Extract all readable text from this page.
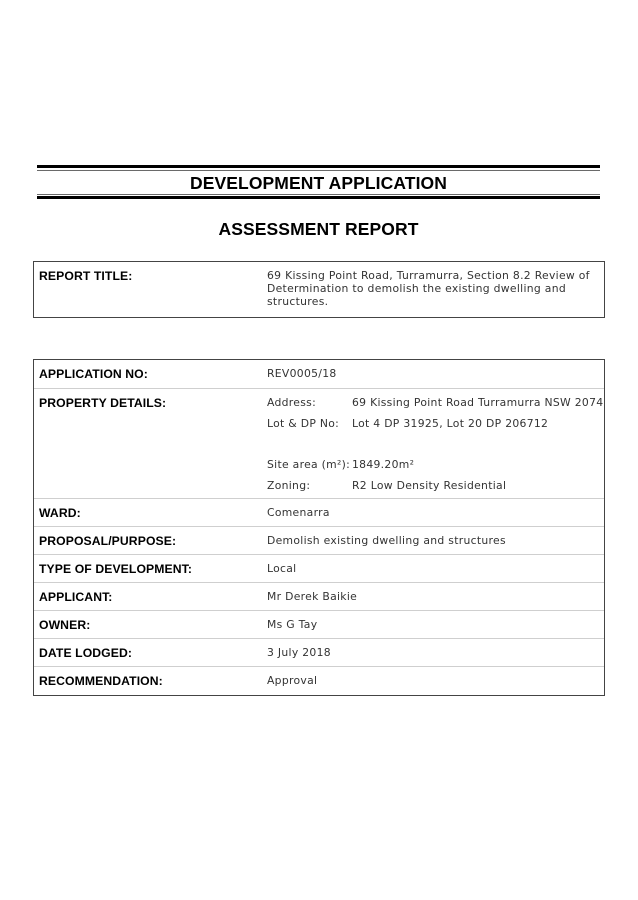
DEVELOPMENT APPLICATION
ASSESSMENT REPORT
REPORT TITLE:	69 Kissing Point Road, Turramurra, Section 8.2 Review of
Determination to demolish the existing dwelling and
structures.
APPLICATION NO:	REV0005/18
PROPERTY DETAILS:	Address:	69 Kissing Point Road Turramurra NSW 2074
Lot & DP No: Lot 4 DP 31925, Lot 20 DP 206712
Site area (m²): 1849.20m²
Zoning:	R2 Low Density Residential
WARD:	Comenarra
PROPOSAL/PURPOSE:	Demolish existing dwelling and structures
TYPE OF DEVELOPMENT:	Local
APPLICANT:	Mr Derek Baikie
OWNER:	Ms G Tay
DATE LODGED:	3 July 2018
RECOMMENDATION:	Approval
